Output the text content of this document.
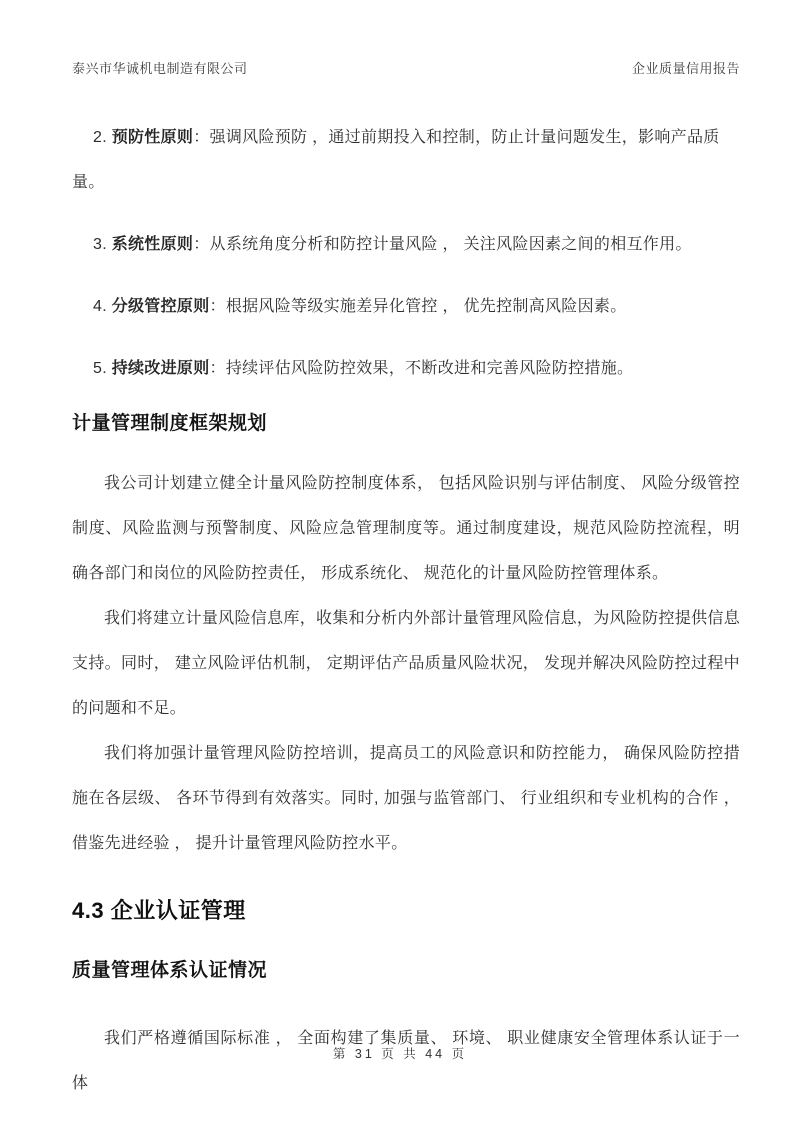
泰兴市华诚机电制造有限公司	企业质量信用报告
2. 预防性原则：强调风险预防 ，通过前期投入和控制，防止计量问题发生，影响产品质量。
3. 系统性原则：从系统角度分析和防控计量风险 ， 关注风险因素之间的相互作用。
4. 分级管控原则：根据风险等级实施差异化管控 ， 优先控制高风险因素。
5. 持续改进原则：持续评估风险防控效果，不断改进和完善风险防控措施。
计量管理制度框架规划

我公司计划建立健全计量风险防控制度体系， 包括风险识别与评估制度、 风险分级管控 制度、风险监测与预警制度、风险应急管理制度等。通过制度建设，规范风险防控流程，明确各部门和岗位的风险防控责任， 形成系统化、 规范化的计量风险防控管理体系。

我们将建立计量风险信息库，收集和分析内外部计量管理风险信息，为风险防控提供信息支持。同时， 建立风险评估机制， 定期评估产品质量风险状况， 发现并解决风险防控过程中的问题和不足。

我们将加强计量管理风险防控培训，提高员工的风险意识和防控能力， 确保风险防控措施在各层级、 各环节得到有效落实。同时, 加强与监管部门、 行业组织和专业机构的合作 ， 借鉴先进经验 ， 提升计量管理风险防控水平。

4.3 企业认证管理
质量管理体系认证情况

我们严格遵循国际标准 ， 全面构建了集质量、 环境、 职业健康安全管理体系认证于一体

第 31 页 共 44 页
